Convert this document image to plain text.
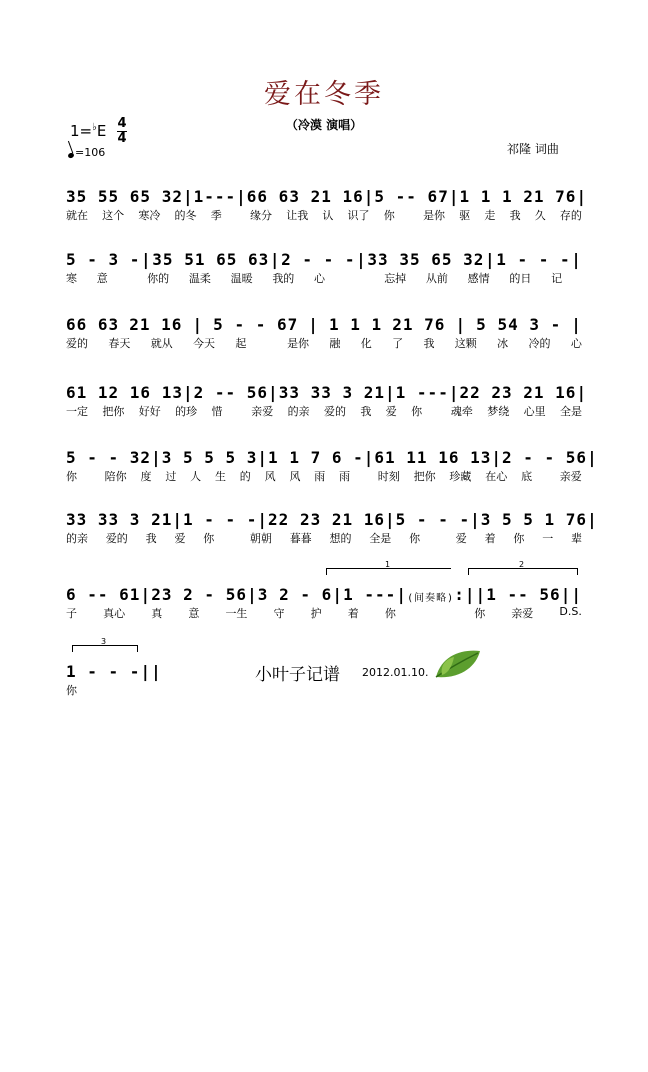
爱在冬季
（冷漠 演唱）
1=♭E 4
4
=106	祁隆 词曲
35 55 65 32 | 1--- | 66 63 21 16 | 5 -- 67 | 1 1 1 21 76 |
就在 这个 寒冷 的冬 季	缘分 让我 认 识了 你	是你 驱 走 我 久 存的
5 - 3 - | 35 51 65 63 | 2 - - - | 33 35 65 32 | 1 - - - |
寒 意	你的 温柔 温暖 我的 心	忘掉 从前 感情 的日 记
66 63 21 16 | 5 - - 67 | 1 1 1 21 76 | 5 54 3 - |
爱的 春天 就从 今天 起	是你 融 化 了 我 这颗 冰 冷的 心
61 12 16 13 | 2 -- 56 | 33 33 3 21 | 1 --- | 22 23 21 16 |
一定 把你 好好 的珍 惜	亲爱 的亲 爱的 我 爱 你	魂牵 梦绕 心里 全是
5 - - 32 | 3 5 5 5 3 | 1 1 7 6 - | 61 11 16 13 | 2 - - 56 |
你	陪你 度 过 人 生 的 风 风 雨 雨	时刻 把你 珍藏 在心 底	亲爱
33 33 3 21 | 1 - - - | 22 23 21 16 | 5 - - - | 3 5 5 1 76 |
的亲 爱的 我 爱 你	朝朝 暮暮 想的 全是 你	爱 着 你 一 辈
6 -- 61 | 23 2 - 56 | 3 2 - 6 | 1 --- | (间奏略) :|| 1 -- 56 ||
子 真心 真 意 一生 守 护 着 你	你 亲爱 D.S.
1 - - - ||
你
1	2
3
小叶子记谱 2012.01.10.
